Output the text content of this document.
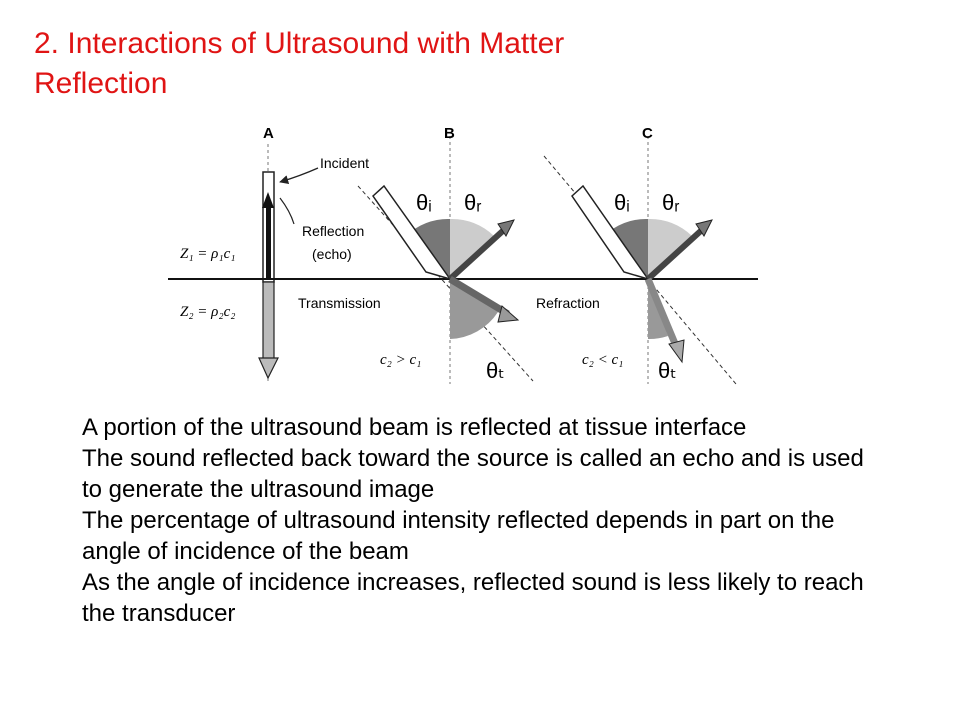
2. Interactions of Ultrasound with Matter
Reflection
A	B	C
Incident
Reflection
(echo)
Transmission	Refraction
Z₁ = ρ₁c₁
Z₂ = ρ₂c₂
θᵢ θᵣ
θₜ
θᵢ θᵣ
θₜ
c₂ > c₁	c₂ < c₁
A portion of the ultrasound beam is reflected at tissue interface
The sound reflected back toward the source is called an echo and is used to generate the ultrasound image
The percentage of ultrasound intensity reflected depends in part on the angle of incidence of the beam
As the angle of incidence increases, reflected sound is less likely to reach the transducer
